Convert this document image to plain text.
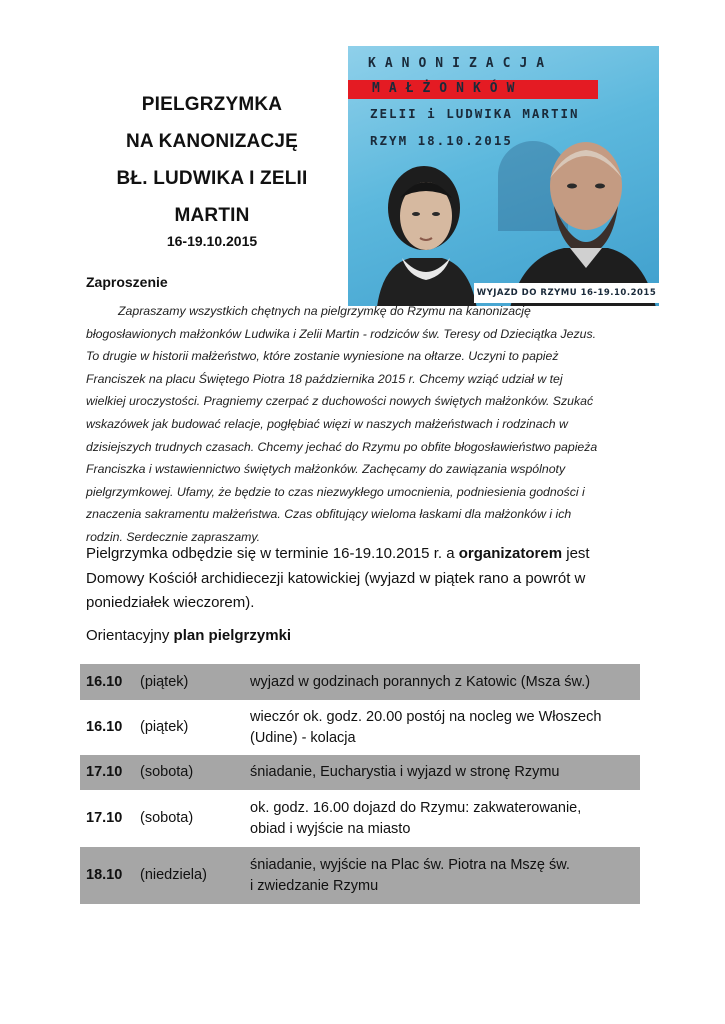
PIELGRZYMKA
NA KANONIZACJĘ
BŁ. LUDWIKA I ZELII
MARTIN
16-19.10.2015
KANONIZACJA
MAŁŻONKÓW
ZELII i LUDWIKA MARTIN
RZYM 18.10.2015
WYJAZD DO RZYMU 16-19.10.2015
Zaproszenie
Zapraszamy wszystkich chętnych na pielgrzymkę do Rzymu na kanonizację
błogosławionych małżonków Ludwika i Zelii Martin - rodziców św. Teresy od Dzieciątka Jezus.
To drugie w historii małżeństwo, które zostanie wyniesione na ołtarze. Uczyni to papież
Franciszek na placu Świętego Piotra 18 października 2015 r. Chcemy wziąć udział w tej
wielkiej uroczystości. Pragniemy czerpać z duchowości nowych świętych małżonków. Szukać
wskazówek jak budować relacje, pogłębiać więzi w naszych małżeństwach i rodzinach w
dzisiejszych trudnych czasach. Chcemy jechać do Rzymu po obfite błogosławieństwo papieża
Franciszka i wstawiennictwo świętych małżonków. Zachęcamy do zawiązania wspólnoty
pielgrzymkowej. Ufamy, że będzie to czas niezwykłego umocnienia, podniesienia godności i
znaczenia sakramentu małżeństwa. Czas obfitujący wieloma łaskami dla małżonków i ich
rodzin. Serdecznie zapraszamy.
Pielgrzymka odbędzie się w terminie 16-19.10.2015 r. a organizatorem jest
Domowy Kościół archidiecezji katowickiej (wyjazd w piątek rano a powrót w
poniedziałek wieczorem).
Orientacyjny plan pielgrzymki
16.10	(piątek)	wyjazd w godzinach porannych z Katowic (Msza św.)

16.10	(piątek)	wieczór ok. godz. 20.00 postój na nocleg we Włoszech
(Udine) - kolacja

17.10	(sobota)	śniadanie, Eucharystia i wyjazd w stronę Rzymu

17.10	(sobota)	ok. godz. 16.00 dojazd do Rzymu: zakwaterowanie,
obiad i wyjście na miasto

18.10	(niedziela)	śniadanie, wyjście na Plac św. Piotra na Mszę św.
i zwiedzanie Rzymu
